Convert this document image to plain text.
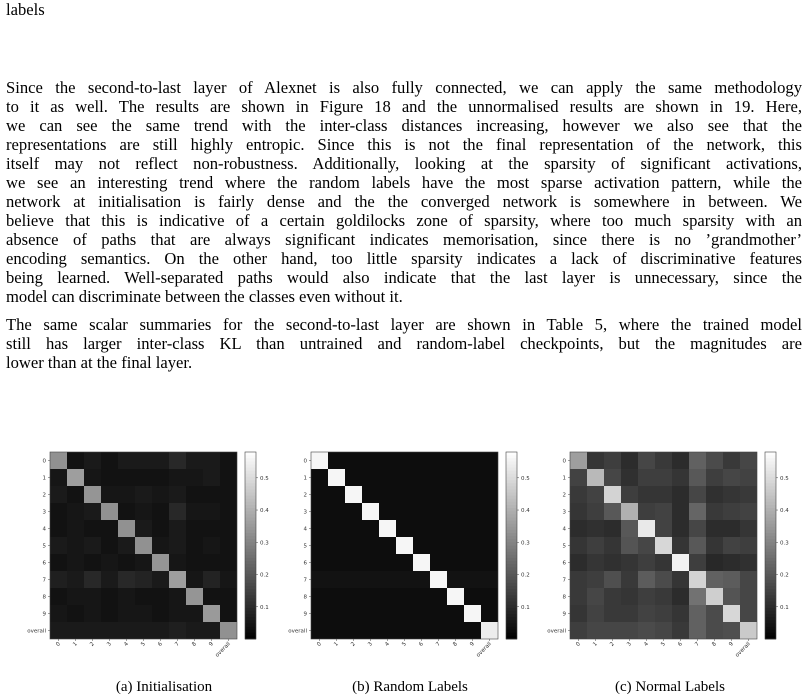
labels

Since the second-to-last layer of Alexnet is also fully connected, we can apply the same methodology

to it as well. The results are shown in Figure 18 and the unnormalised results are shown in 19. Here,

we can see the same trend with the inter-class distances increasing, however we also see that the

representations are still highly entropic. Since this is not the final representation of the network, this

itself may not reflect non-robustness. Additionally, looking at the sparsity of significant activations,

we see an interesting trend where the random labels have the most sparse activation pattern, while the

network at initialisation is fairly dense and the the converged network is somewhere in between. We

believe that this is indicative of a certain goldilocks zone of sparsity, where too much sparsity with an

absence of paths that are always significant indicates memorisation, since there is no ’grandmother’

encoding semantics. On the other hand, too little sparsity indicates a lack of discriminative features

being learned. Well-separated paths would also indicate that the last layer is unnecessary, since the

model can discriminate between the classes even without it.

The same scalar summaries for the second-to-last layer are shown in Table 5, where the trained model

still has larger inter-class KL than untrained and random-label checkpoints, but the magnitudes are

lower than at the final layer.

0
1
2
3
4
5
6
7
8
9
overall
0 1 2 3 4 5 6 7 8 9 overall
0.1
0.2
0.3
0.4
0.5
0
1
2
3
4
5
6
7
8
9
overall
0 1 2 3 4 5 6 7 8 9 overall
0.1
0.2
0.3
0.4
0.5
0
1
2
3
4
5
6
7
8
9
overall
0 1 2 3 4 5 6 7 8 9 overall
0.1
0.2
0.3
0.4
0.5
(a) Initialisation	(b) Random Labels	(c) Normal Labels
